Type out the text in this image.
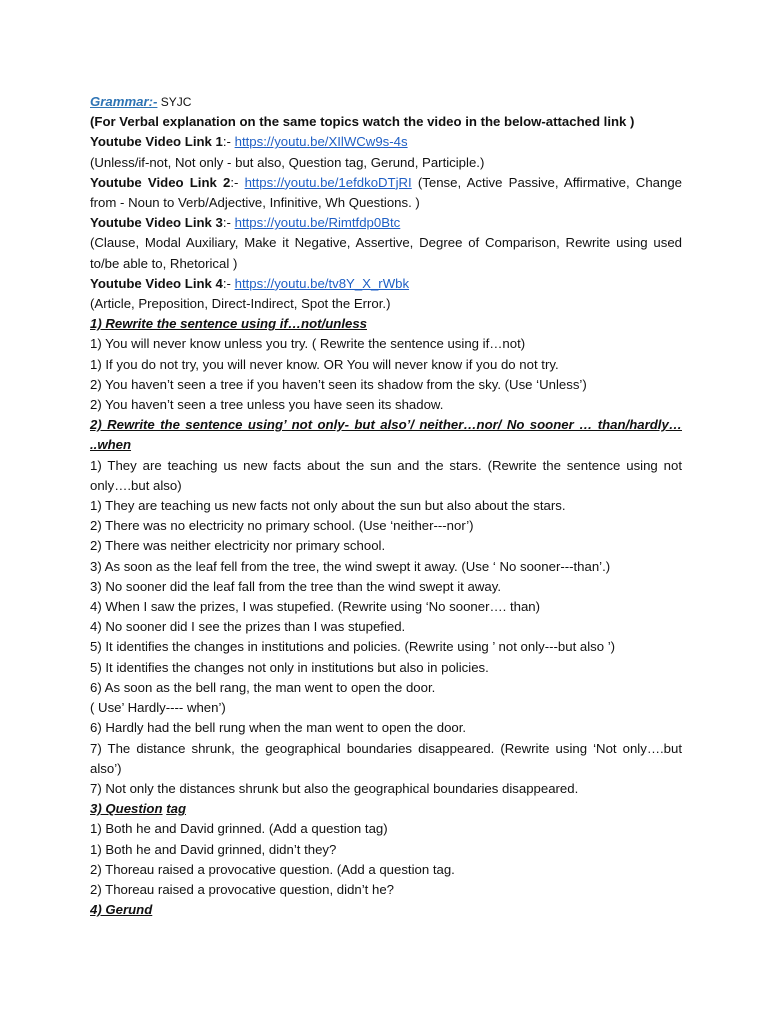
Grammar:- SYJC
(For Verbal explanation on the same topics watch the video in the below-attached link )
Youtube Video Link 1:- https://youtu.be/XIlWCw9s-4s
(Unless/if-not, Not only - but also, Question tag, Gerund, Participle.)
Youtube Video Link 2:- https://youtu.be/1efdkoDTjRI (Tense, Active Passive, Affirmative, Change from - Noun to Verb/Adjective, Infinitive, Wh Questions. )
Youtube Video Link 3:- https://youtu.be/Rimtfdp0Btc
(Clause, Modal Auxiliary, Make it Negative, Assertive, Degree of Comparison, Rewrite using used to/be able to, Rhetorical )
Youtube Video Link 4:- https://youtu.be/tv8Y_X_rWbk
(Article, Preposition, Direct-Indirect, Spot the Error.)
1) Rewrite the sentence using if…not/unless
1) You will never know unless you try. ( Rewrite the sentence using if…not)
1) If you do not try, you will never know. OR You will never know if you do not try.
2) You haven’t seen a tree if you haven’t seen its shadow from the sky. (Use ‘Unless’)
2) You haven’t seen a tree unless you have seen its shadow.
2) Rewrite the sentence using’ not only- but also’/ neither…nor/ No sooner … than/hardly… ..when
1) They are teaching us new facts about the sun and the stars. (Rewrite the sentence using not only….but also)
1) They are teaching us new facts not only about the sun but also about the stars.
2) There was no electricity no primary school. (Use ‘neither---nor’)
2) There was neither electricity nor primary school.
3) As soon as the leaf fell from the tree, the wind swept it away. (Use ‘ No sooner---than’.)
3) No sooner did the leaf fall from the tree than the wind swept it away.
4) When I saw the prizes, I was stupefied. (Rewrite using ‘No sooner…. than)
4) No sooner did I see the prizes than I was stupefied.
5) It identifies the changes in institutions and policies. (Rewrite using ’ not only---but also ’)
5) It identifies the changes not only in institutions but also in policies.
6) As soon as the bell rang, the man went to open the door.
( Use’ Hardly---- when’)
6) Hardly had the bell rung when the man went to open the door.
7) The distance shrunk, the geographical boundaries disappeared. (Rewrite using ‘Not only….but also’)
7) Not only the distances shrunk but also the geographical boundaries disappeared.
3) Question tag
1) Both he and David grinned. (Add a question tag)
1) Both he and David grinned, didn’t they?
2) Thoreau raised a provocative question. (Add a question tag.
2) Thoreau raised a provocative question, didn’t he?
4) Gerund
